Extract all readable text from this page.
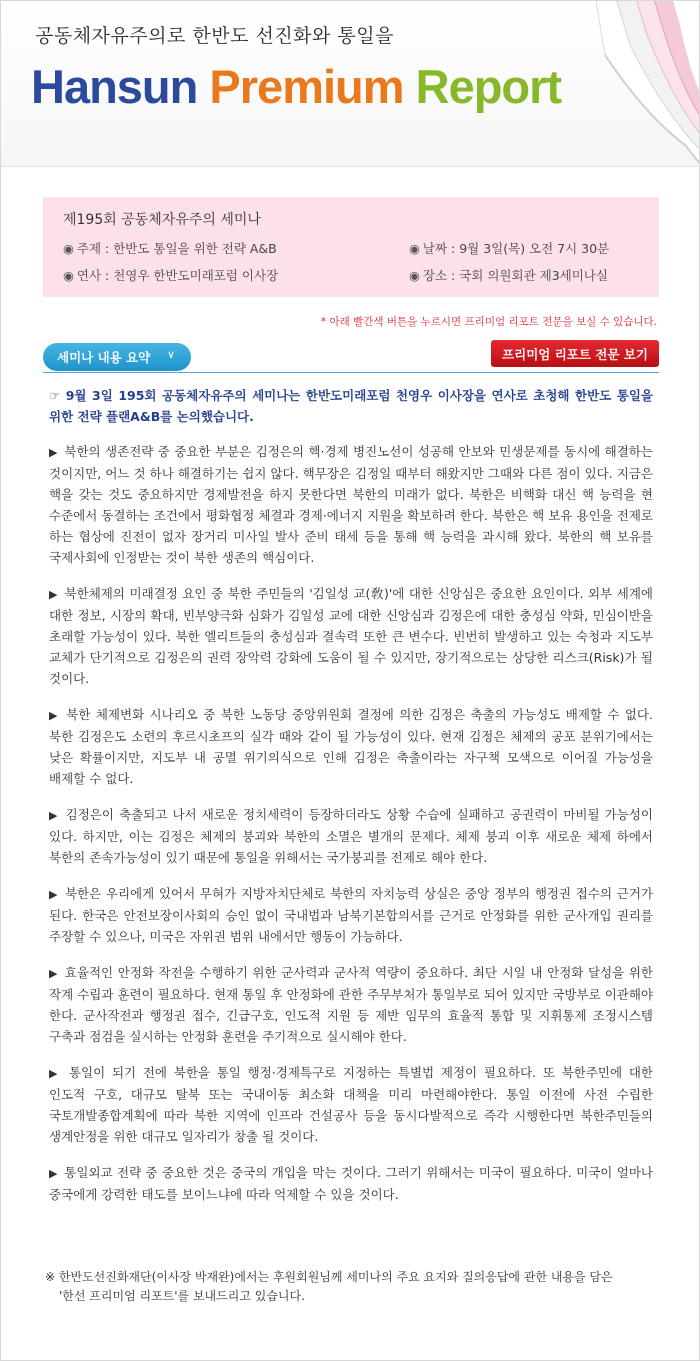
공동체자유주의로 한반도 선진화와 통일을
Hansun Premium Report
제195회 공동체자유주의 세미나
◉ 주제 : 한반도 통일을 위한 전략 A&B	◉ 날짜 : 9월 3일(목) 오전 7시 30분
◉ 연사 : 천영우 한반도미래포럼 이사장	◉ 장소 : 국회 의원회관 제3세미나실
* 아래 빨간색 버튼을 누르시면 프리미엄 리포트 전문을 보실 수 있습니다.
세미나 내용 요약 ∨	프리미엄 리포트 전문 보기

☞ 9월 3일 195회 공동체자유주의 세미나는 한반도미래포럼 천영우 이사장을 연사로 초청해 한반도 통일을 위한 전략 플랜A&B를 논의했습니다.

▶ 북한의 생존전략 중 중요한 부분은 김정은의 핵·경제 병진노선이 성공해 안보와 민생문제를 동시에 해결하는 것이지만, 어느 것 하나 해결하기는 쉽지 않다. 핵무장은 김정일 때부터 해왔지만 그때와 다른 점이 있다. 지금은 핵을 갖는 것도 중요하지만 경제발전을 하지 못한다면 북한의 미래가 없다. 북한은 비핵화 대신 핵 능력을 현 수준에서 동결하는 조건에서 평화협정 체결과 경제·에너지 지원을 확보하려 한다. 북한은 핵 보유 용인을 전제로 하는 협상에 진전이 없자 장거리 미사일 발사 준비 태세 등을 통해 핵 능력을 과시해 왔다. 북한의 핵 보유를 국제사회에 인정받는 것이 북한 생존의 핵심이다.

▶ 북한체제의 미래결정 요인 중 북한 주민들의 '김일성 교(敎)'에 대한 신앙심은 중요한 요인이다. 외부 세계에 대한 정보, 시장의 확대, 빈부양극화 심화가 김일성 교에 대한 신앙심과 김정은에 대한 충성심 약화, 민심이반을 초래할 가능성이 있다. 북한 엘리트들의 충성심과 결속력 또한 큰 변수다. 빈번히 발생하고 있는 숙청과 지도부 교체가 단기적으로 김정은의 권력 장악력 강화에 도움이 될 수 있지만, 장기적으로는 상당한 리스크(Risk)가 될 것이다.

▶ 북한 체제변화 시나리오 중 북한 노동당 중앙위원회 결정에 의한 김정은 축출의 가능성도 배제할 수 없다. 북한 김정은도 소련의 후르시초프의 실각 때와 같이 될 가능성이 있다. 현재 김정은 체제의 공포 분위기에서는 낮은 확률이지만, 지도부 내 공멸 위기의식으로 인해 김정은 축출이라는 자구책 모색으로 이어질 가능성을 배제할 수 없다.

▶ 김정은이 축출되고 나서 새로운 정치세력이 등장하더라도 상황 수습에 실패하고 공권력이 마비될 가능성이 있다. 하지만, 이는 김정은 체제의 붕괴와 북한의 소멸은 별개의 문제다. 체제 붕괴 이후 새로운 체제 하에서 북한의 존속가능성이 있기 때문에 통일을 위해서는 국가붕괴를 전제로 해야 한다.

▶ 북한은 우리에게 있어서 무혀가 지방자치단체로 북한의 자치능력 상실은 중앙 정부의 행정권 접수의 근거가 된다. 한국은 안전보장이사회의 승인 없이 국내법과 남북기본합의서를 근거로 안정화를 위한 군사개입 권리를 주장할 수 있으나, 미국은 자위권 범위 내에서만 행동이 가능하다.

▶ 효율적인 안정화 작전을 수행하기 위한 군사력과 군사적 역량이 중요하다. 최단 시일 내 안정화 달성을 위한 작계 수립과 훈련이 필요하다. 현재 통일 후 안정화에 관한 주무부처가 통일부로 되어 있지만 국방부로 이관해야 한다. 군사작전과 행정권 접수, 긴급구호, 인도적 지원 등 제반 임무의 효율적 통합 및 지휘통제 조정시스템 구축과 점검을 실시하는 안정화 훈련을 주기적으로 실시해야 한다.

▶ 통일이 되기 전에 북한을 통일 행정·경제특구로 지정하는 특별법 제정이 필요하다. 또 북한주민에 대한 인도적 구호, 대규모 탈북 또는 국내이동 최소화 대책을 미리 마련해야한다. 통일 이전에 사전 수립한 국토개발종합계획에 따라 북한 지역에 인프라 건설공사 등을 동시다발적으로 즉각 시행한다면 북한주민들의 생계안정을 위한 대규모 일자리가 창출 될 것이다.

▶ 통일외교 전략 중 중요한 것은 중국의 개입을 막는 것이다. 그러기 위해서는 미국이 필요하다. 미국이 얼마나 중국에게 강력한 태도를 보이느냐에 따라 억제할 수 있을 것이다.

※ 한반도선진화재단(이사장 박재완)에서는 후원회원님께 세미나의 주요 요지와 질의응답에 관한 내용을 담은
'한선 프리미엄 리포트'를 보내드리고 있습니다.
